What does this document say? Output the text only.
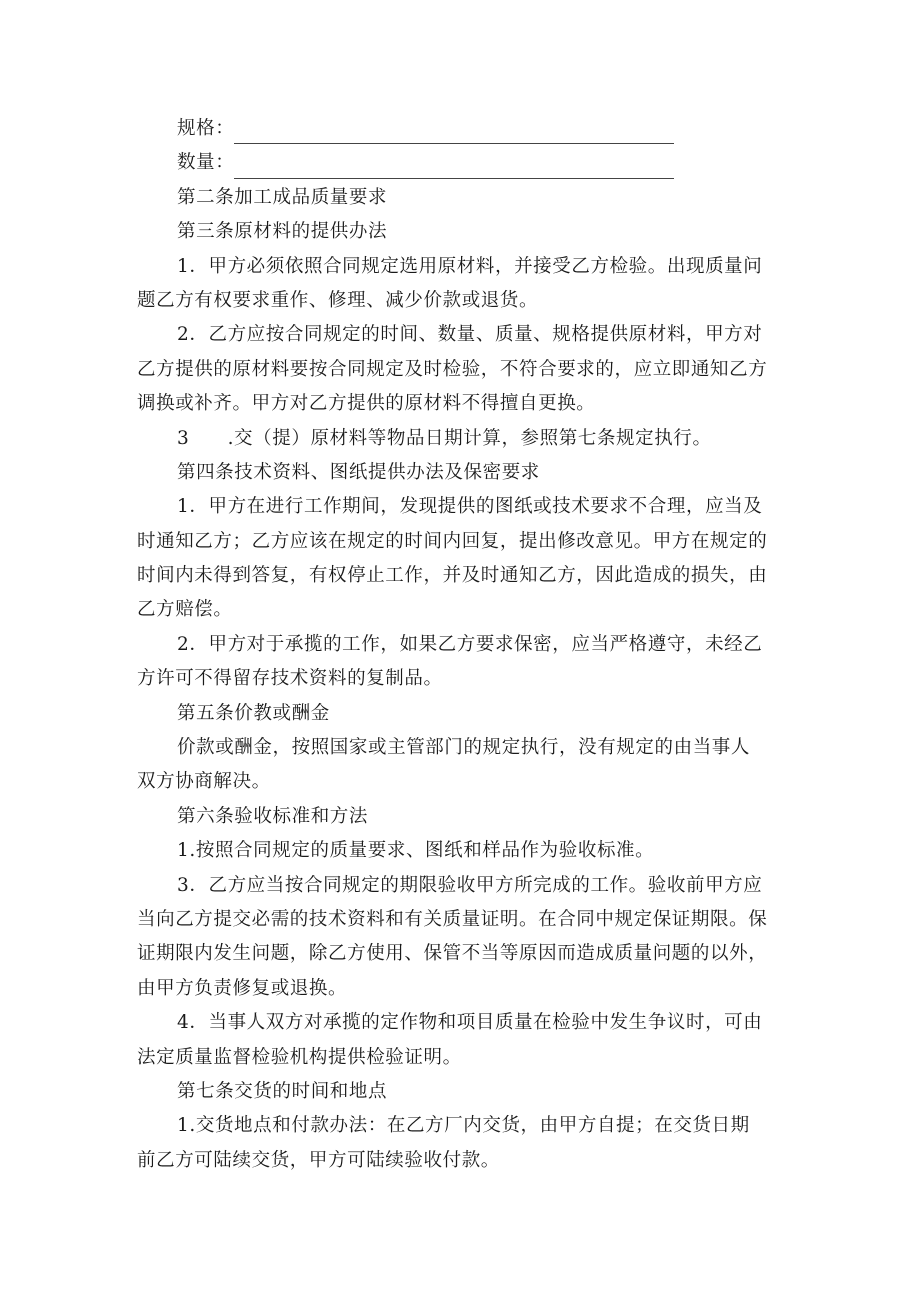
规格：
数量：
第二条加工成品质量要求
第三条原材料的提供办法
1．甲方必须依照合同规定选用原材料，并接受乙方检验。出现质量问
题乙方有权要求重作、修理、减少价款或退货。
2．乙方应按合同规定的时间、数量、质量、规格提供原材料，甲方对
乙方提供的原材料要按合同规定及时检验，不符合要求的，应立即通知乙方
调换或补齐。甲方对乙方提供的原材料不得擅自更换。
3　　.交（提）原材料等物品日期计算，参照第七条规定执行。
第四条技术资料、图纸提供办法及保密要求
1．甲方在进行工作期间，发现提供的图纸或技术要求不合理，应当及
时通知乙方；乙方应该在规定的时间内回复，提出修改意见。甲方在规定的
时间内未得到答复，有权停止工作，并及时通知乙方，因此造成的损失，由
乙方赔偿。
2．甲方对于承揽的工作，如果乙方要求保密，应当严格遵守，未经乙
方许可不得留存技术资料的复制品。
第五条价教或酬金
价款或酬金，按照国家或主管部门的规定执行，没有规定的由当事人
双方协商解决。
第六条验收标准和方法
1.按照合同规定的质量要求、图纸和样品作为验收标准。
3．乙方应当按合同规定的期限验收甲方所完成的工作。验收前甲方应
当向乙方提交必需的技术资料和有关质量证明。在合同中规定保证期限。保
证期限内发生问题，除乙方使用、保管不当等原因而造成质量问题的以外，
由甲方负责修复或退换。
4．当事人双方对承揽的定作物和项目质量在检验中发生争议时，可由
法定质量监督检验机构提供检验证明。
第七条交货的时间和地点
1.交货地点和付款办法：在乙方厂内交货，由甲方自提；在交货日期
前乙方可陆续交货，甲方可陆续验收付款。
